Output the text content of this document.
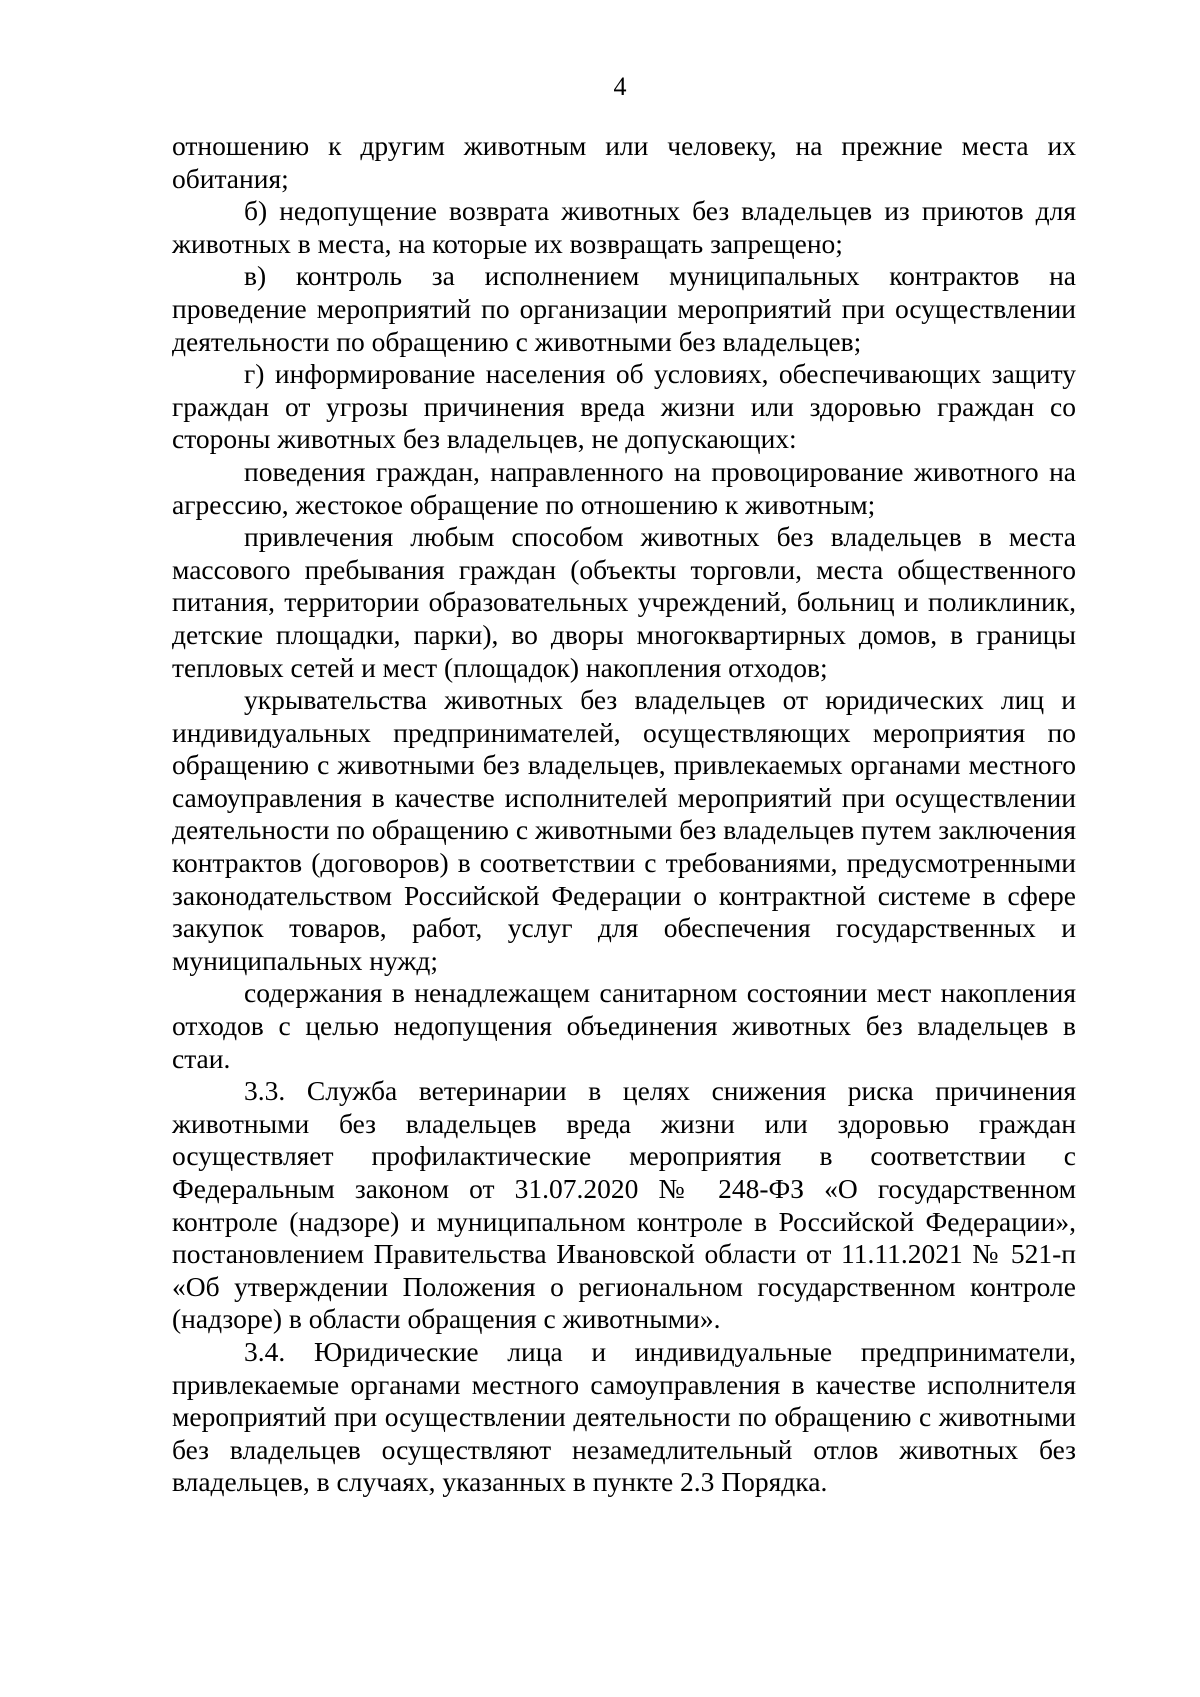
4

отношению к другим животным или человеку, на прежние места их обитания;

б) недопущение возврата животных без владельцев из приютов для животных в места, на которые их возвращать запрещено;

в) контроль за исполнением муниципальных контрактов на проведение мероприятий по организации мероприятий при осуществлении деятельности по обращению с животными без владельцев;

г) информирование населения об условиях, обеспечивающих защиту граждан от угрозы причинения вреда жизни или здоровью граждан со стороны животных без владельцев, не допускающих:

поведения граждан, направленного на провоцирование животного на агрессию, жестокое обращение по отношению к животным;

привлечения любым способом животных без владельцев в места массового пребывания граждан (объекты торговли, места общественного питания, территории образовательных учреждений, больниц и поликлиник, детские площадки, парки), во дворы многоквартирных домов, в границы тепловых сетей и мест (площадок) накопления отходов;

укрывательства животных без владельцев от юридических лиц и индивидуальных предпринимателей, осуществляющих мероприятия по обращению с животными без владельцев, привлекаемых органами местного самоуправления в качестве исполнителей мероприятий при осуществлении деятельности по обращению с животными без владельцев путем заключения контрактов (договоров) в соответствии с требованиями, предусмотренными законодательством Российской Федерации о контрактной системе в сфере закупок товаров, работ, услуг для обеспечения государственных и муниципальных нужд;

содержания в ненадлежащем санитарном состоянии мест накопления отходов с целью недопущения объединения животных без владельцев в стаи.

3.3. Служба ветеринарии в целях снижения риска причинения животными без владельцев вреда жизни или здоровью граждан осуществляет профилактические мероприятия в соответствии с Федеральным законом от 31.07.2020 № 248-ФЗ «О государственном контроле (надзоре) и муниципальном контроле в Российской Федерации», постановлением Правительства Ивановской области от 11.11.2021 № 521-п «Об утверждении Положения о региональном государственном контроле (надзоре) в области обращения с животными».

3.4. Юридические лица и индивидуальные предприниматели, привлекаемые органами местного самоуправления в качестве исполнителя мероприятий при осуществлении деятельности по обращению с животными без владельцев осуществляют незамедлительный отлов животных без владельцев, в случаях, указанных в пункте 2.3 Порядка.
